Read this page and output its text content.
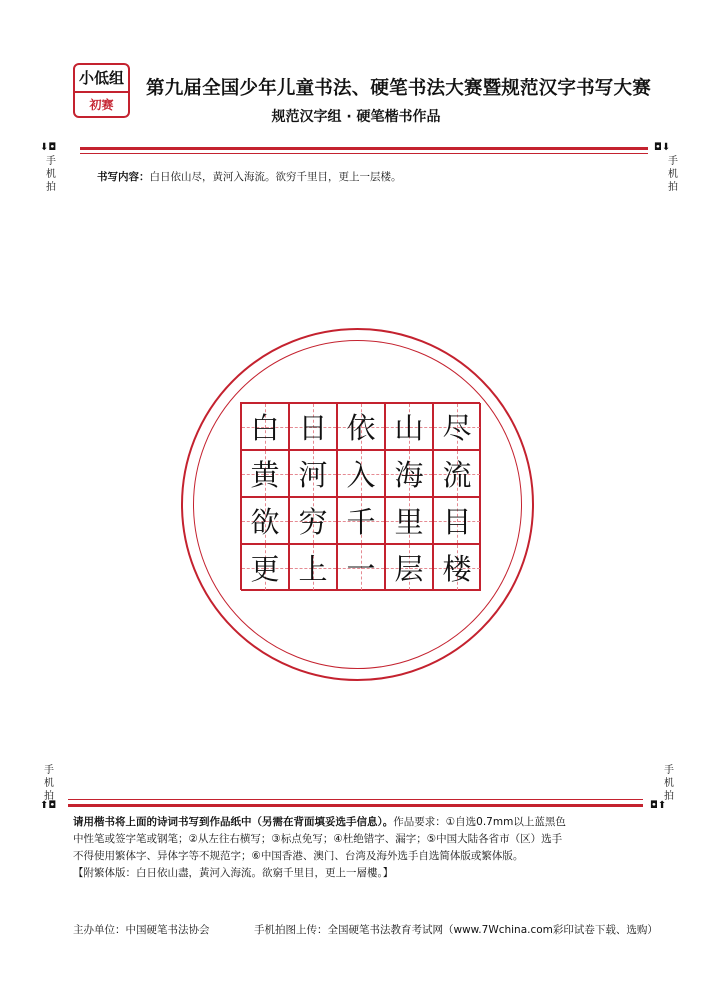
小低组
初赛
第九届全国少年儿童书法、硬笔书法大赛暨规范汉字书写大赛
规范汉字组 · 硬笔楷书作品
⬇◘
手机拍
◘⬇
手机拍
书写内容：白日依山尽，黄河入海流。欲穷千里目，更上一层楼。
白 日 依 山 尽
黄 河 入 海 流
欲 穷 千 里 目
更 上 一 层 楼
手机拍
⬆◘
手机拍
◘⬆
请用楷书将上面的诗词书写到作品纸中（另需在背面填妥选手信息）。作品要求：①自选0.7mm以上蓝黑色
中性笔或签字笔或钢笔；②从左往右横写；③标点免写；④杜绝错字、漏字；⑤中国大陆各省市（区）选手
不得使用繁体字、异体字等不规范字；⑥中国香港、澳门、台湾及海外选手自选简体版或繁体版。
【附繁体版：白日依山盡，黃河入海流。欲窮千里目，更上一層樓。】
主办单位：中国硬笔书法协会	手机拍图上传：全国硬笔书法教育考试网（www.7Wchina.com彩印试卷下载、选购）
